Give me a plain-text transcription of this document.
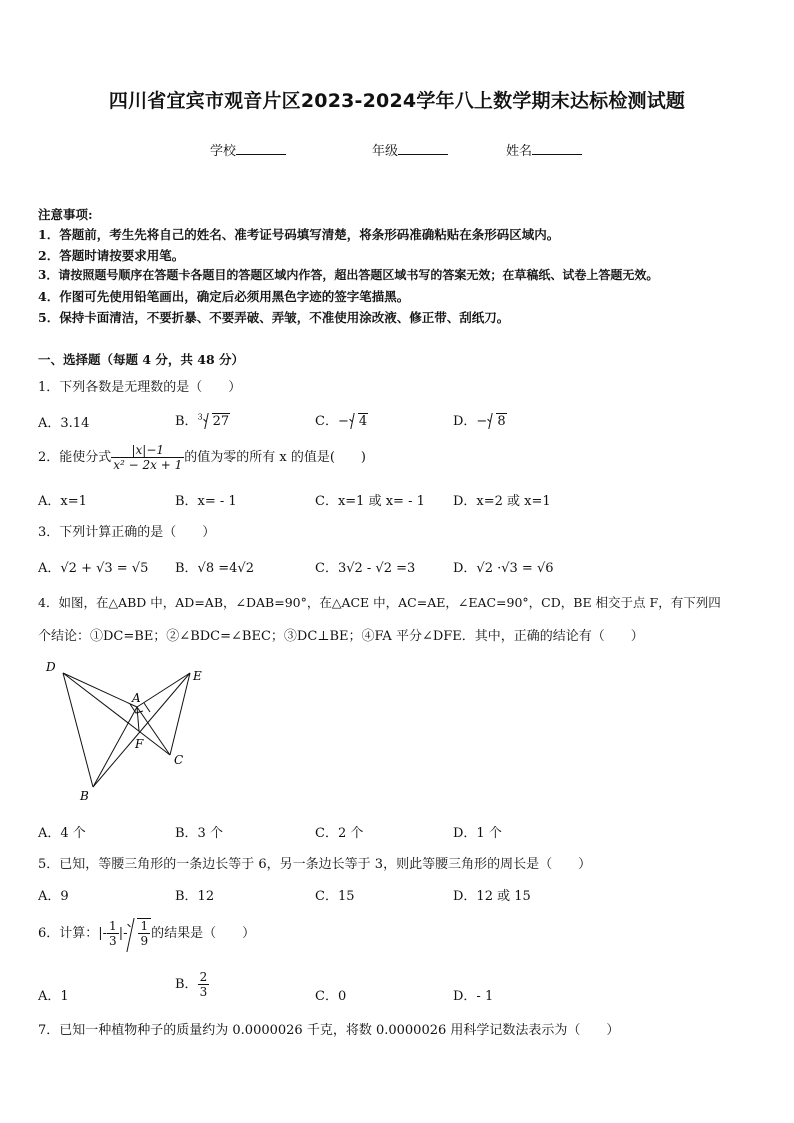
四川省宜宾市观音片区2023-2024学年八上数学期末达标检测试题
学校	年级	姓名
注意事项:
1．答题前，考生先将自己的姓名、准考证号码填写清楚，将条形码准确粘贴在条形码区域内。
2．答题时请按要求用笔。
3．请按照题号顺序在答题卡各题目的答题区域内作答，超出答题区域书写的答案无效；在草稿纸、试卷上答题无效。
4．作图可先使用铅笔画出，确定后必须用黑色字迹的签字笔描黑。
5．保持卡面清洁，不要折暴、不要弄破、弄皱，不准使用涂改液、修正带、刮纸刀。
一、选择题（每题 4 分，共 48 分）
1．下列各数是无理数的是（　　）
A．3.14	B．$^3$ 27	C．− 4	D．− 8
2．能使分式 $\frac{|x|-1}{\text{x² − 2x + 1}}$ 的值为零的所有 x 的值是(　　)
A．x=1	B．x= - 1	C．x=1 或 x= - 1 D．x=2 或 x=1
3．下列计算正确的是（　　）
A．√2 + √3 = √5 B．√8 =4√2	C．3√2 - √2 =3	D．√2 ·√3 = √6
4．如图，在△ABD 中，AD=AB，∠DAB=90°，在△ACE 中，AC=AE，∠EAC=90°，CD，BE 相交于点 F，有下列四
个结论：①DC=BE；②∠BDC=∠BEC；③DC⊥BE；④FA 平分∠DFE．其中，正确的结论有（　　）
D
A
E
F
C
B
A．4 个	B．3 个	C．2 个	D．1 个
5．已知，等腰三角形的一条边长等于 6，另一条边长等于 3，则此等腰三角形的周长是（　　）
A．9	B．12	C．15	D．12 或 15
6．计算：|- $\frac{1}{3}$ |- $\frac{1}{9}$ 的结果是（　　）
A．1
B． $\frac{2}{3}$	C．0	D．- 1
7．已知一种植物种子的质量约为 0.0000026 千克，将数 0.0000026 用科学记数法表示为（　　）
